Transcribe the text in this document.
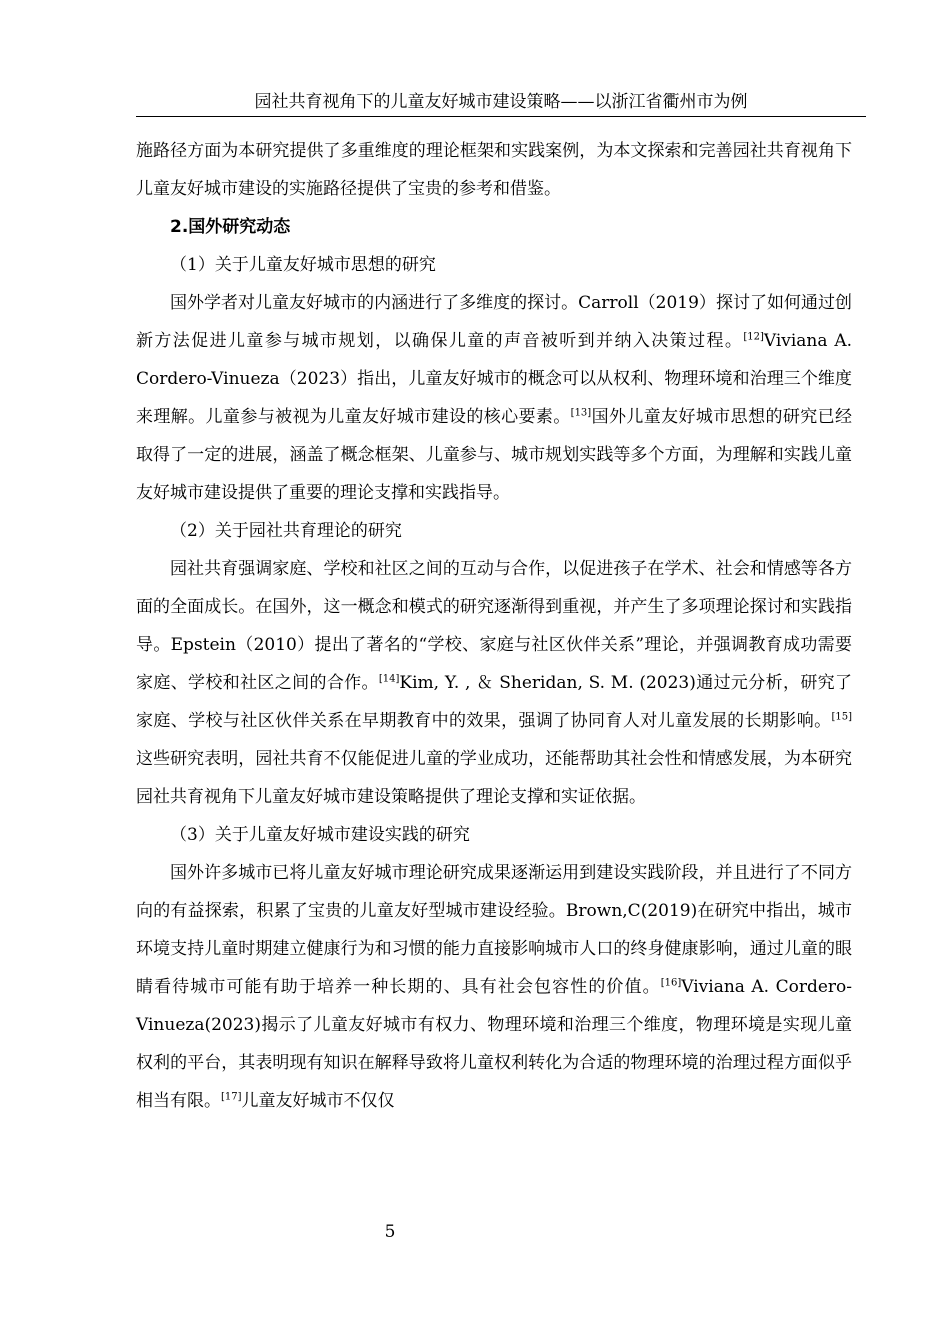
园社共育视角下的儿童友好城市建设策略——以浙江省衢州市为例

施路径方面为本研究提供了多重维度的理论框架和实践案例，为本文探索和完善园社共育视角下儿童友好城市建设的实施路径提供了宝贵的参考和借鉴。

2.国外研究动态

（1）关于儿童友好城市思想的研究

国外学者对儿童友好城市的内涵进行了多维度的探讨。Carroll（2019）探讨了如何通过创新方法促进儿童参与城市规划，以确保儿童的声音被听到并纳入决策过程。[12]Viviana A. Cordero-Vinueza（2023）指出，儿童友好城市的概念可以从权利、物理环境和治理三个维度来理解。儿童参与被视为儿童友好城市建设的核心要素。[13]国外儿童友好城市思想的研究已经取得了一定的进展，涵盖了概念框架、儿童参与、城市规划实践等多个方面，为理解和实践儿童友好城市建设提供了重要的理论支撑和实践指导。

（2）关于园社共育理论的研究

园社共育强调家庭、学校和社区之间的互动与合作，以促进孩子在学术、社会和情感等各方面的全面成长。在国外，这一概念和模式的研究逐渐得到重视，并产生了多项理论探讨和实践指导。Epstein（2010）提出了著名的“学校、家庭与社区伙伴关系”理论，并强调教育成功需要家庭、学校和社区之间的合作。[14]Kim, Y. , ＆ Sheridan, S. M. (2023)通过元分析，研究了家庭、学校与社区伙伴关系在早期教育中的效果，强调了协同育人对儿童发展的长期影响。[15]这些研究表明，园社共育不仅能促进儿童的学业成功，还能帮助其社会性和情感发展，为本研究园社共育视角下儿童友好城市建设策略提供了理论支撑和实证依据。

（3）关于儿童友好城市建设实践的研究

国外许多城市已将儿童友好城市理论研究成果逐渐运用到建设实践阶段，并且进行了不同方向的有益探索，积累了宝贵的儿童友好型城市建设经验。Brown,C(2019)在研究中指出，城市环境支持儿童时期建立健康行为和习惯的能力直接影响城市人口的终身健康影响，通过儿童的眼睛看待城市可能有助于培养一种长期的、具有社会包容性的价值。[16]Viviana A. Cordero-Vinueza(2023)揭示了儿童友好城市有权力、物理环境和治理三个维度，物理环境是实现儿童权利的平台，其表明现有知识在解释导致将儿童权利转化为合适的物理环境的治理过程方面似乎相当有限。[17]儿童友好城市不仅仅

5
